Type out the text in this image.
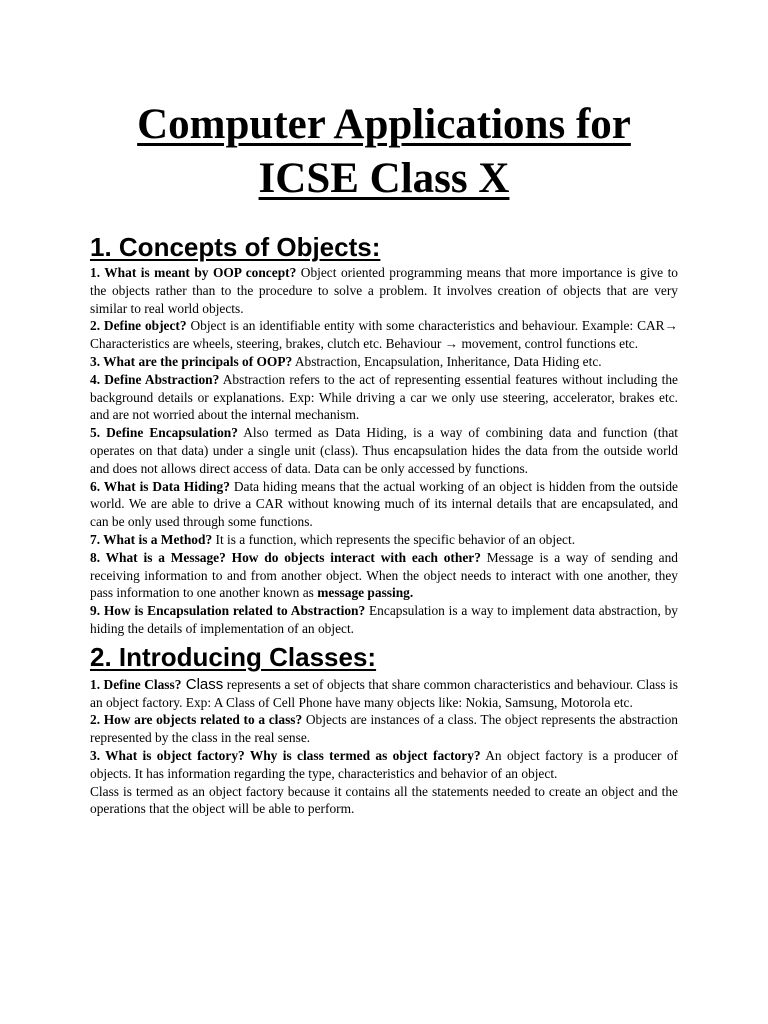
Computer Applications for
ICSE Class X
1. Concepts of Objects:

1. What is meant by OOP concept? Object oriented programming means that more importance is give to the objects rather than to the procedure to solve a problem. It involves creation of objects that are very similar to real world objects.

2. Define object? Object is an identifiable entity with some characteristics and behaviour. Example: CAR→ Characteristics are wheels, steering, brakes, clutch etc. Behaviour → movement, control functions etc.

3. What are the principals of OOP? Abstraction, Encapsulation, Inheritance, Data Hiding etc.

4. Define Abstraction? Abstraction refers to the act of representing essential features without including the background details or explanations. Exp: While driving a car we only use steering, accelerator, brakes etc. and are not worried about the internal mechanism.

5. Define Encapsulation? Also termed as Data Hiding, is a way of combining data and function (that operates on that data) under a single unit (class). Thus encapsulation hides the data from the outside world and does not allows direct access of data. Data can be only accessed by functions.

6. What is Data Hiding? Data hiding means that the actual working of an object is hidden from the outside world. We are able to drive a CAR without knowing much of its internal details that are encapsulated, and can be only used through some functions.

7. What is a Method? It is a function, which represents the specific behavior of an object.

8. What is a Message? How do objects interact with each other? Message is a way of sending and receiving information to and from another object. When the object needs to interact with one another, they pass information to one another known as message passing.

9. How is Encapsulation related to Abstraction? Encapsulation is a way to implement data abstraction, by hiding the details of implementation of an object.

2. Introducing Classes:

1. Define Class? Class represents a set of objects that share common characteristics and behaviour. Class is an object factory. Exp: A Class of Cell Phone have many objects like: Nokia, Samsung, Motorola etc.

2. How are objects related to a class? Objects are instances of a class. The object represents the abstraction represented by the class in the real sense.

3. What is object factory? Why is class termed as object factory? An object factory is a producer of objects. It has information regarding the type, characteristics and behavior of an object.

Class is termed as an object factory because it contains all the statements needed to create an object and the operations that the object will be able to perform.
